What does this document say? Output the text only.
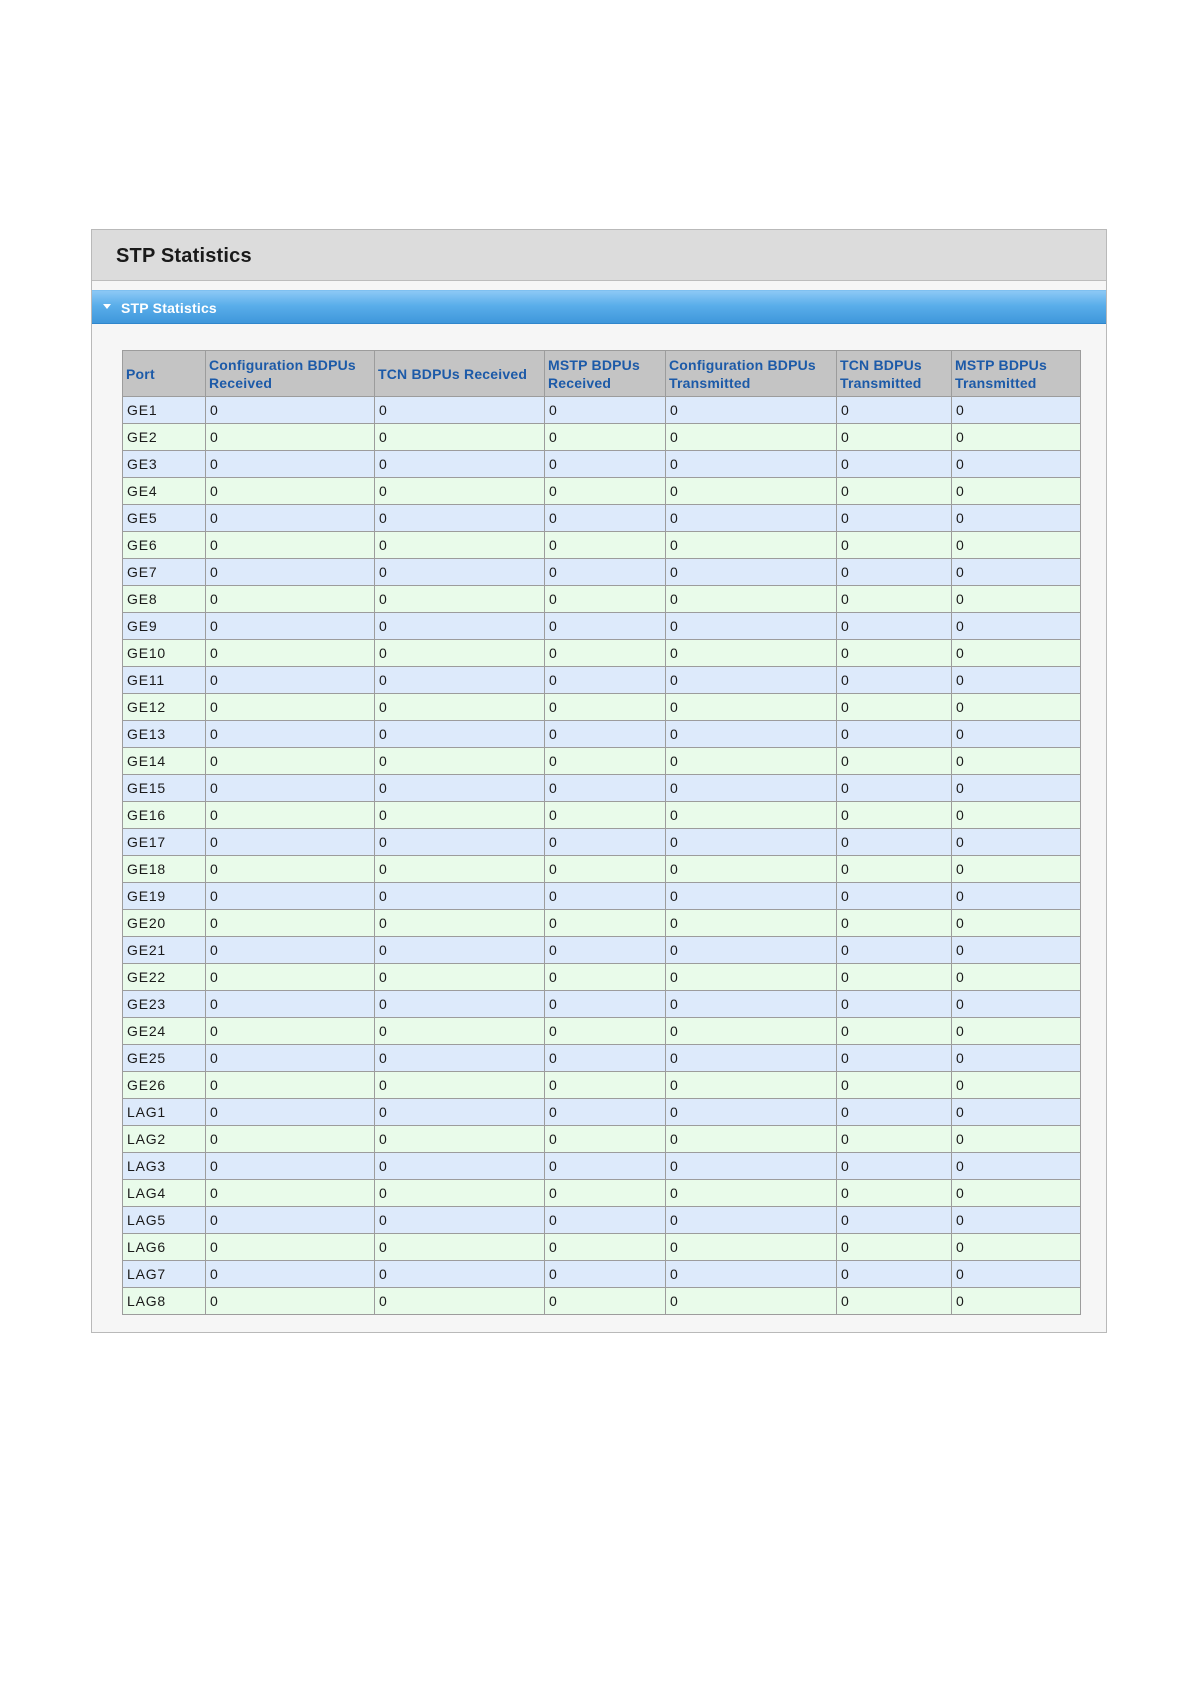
STP Statistics
STP Statistics
Port	Configuration BDPUs Received	TCN BDPUs Received	MSTP BDPUs Received	Configuration BDPUs Transmitted	TCN BDPUs Transmitted	MSTP BDPUs Transmitted
GE1	0	0	0	0	0	0
GE2	0	0	0	0	0	0
GE3	0	0	0	0	0	0
GE4	0	0	0	0	0	0
GE5	0	0	0	0	0	0
GE6	0	0	0	0	0	0
GE7	0	0	0	0	0	0
GE8	0	0	0	0	0	0
GE9	0	0	0	0	0	0
GE10	0	0	0	0	0	0
GE11	0	0	0	0	0	0
GE12	0	0	0	0	0	0
GE13	0	0	0	0	0	0
GE14	0	0	0	0	0	0
GE15	0	0	0	0	0	0
GE16	0	0	0	0	0	0
GE17	0	0	0	0	0	0
GE18	0	0	0	0	0	0
GE19	0	0	0	0	0	0
GE20	0	0	0	0	0	0
GE21	0	0	0	0	0	0
GE22	0	0	0	0	0	0
GE23	0	0	0	0	0	0
GE24	0	0	0	0	0	0
GE25	0	0	0	0	0	0
GE26	0	0	0	0	0	0
LAG1	0	0	0	0	0	0
LAG2	0	0	0	0	0	0
LAG3	0	0	0	0	0	0
LAG4	0	0	0	0	0	0
LAG5	0	0	0	0	0	0
LAG6	0	0	0	0	0	0
LAG7	0	0	0	0	0	0
LAG8	0	0	0	0	0	0
